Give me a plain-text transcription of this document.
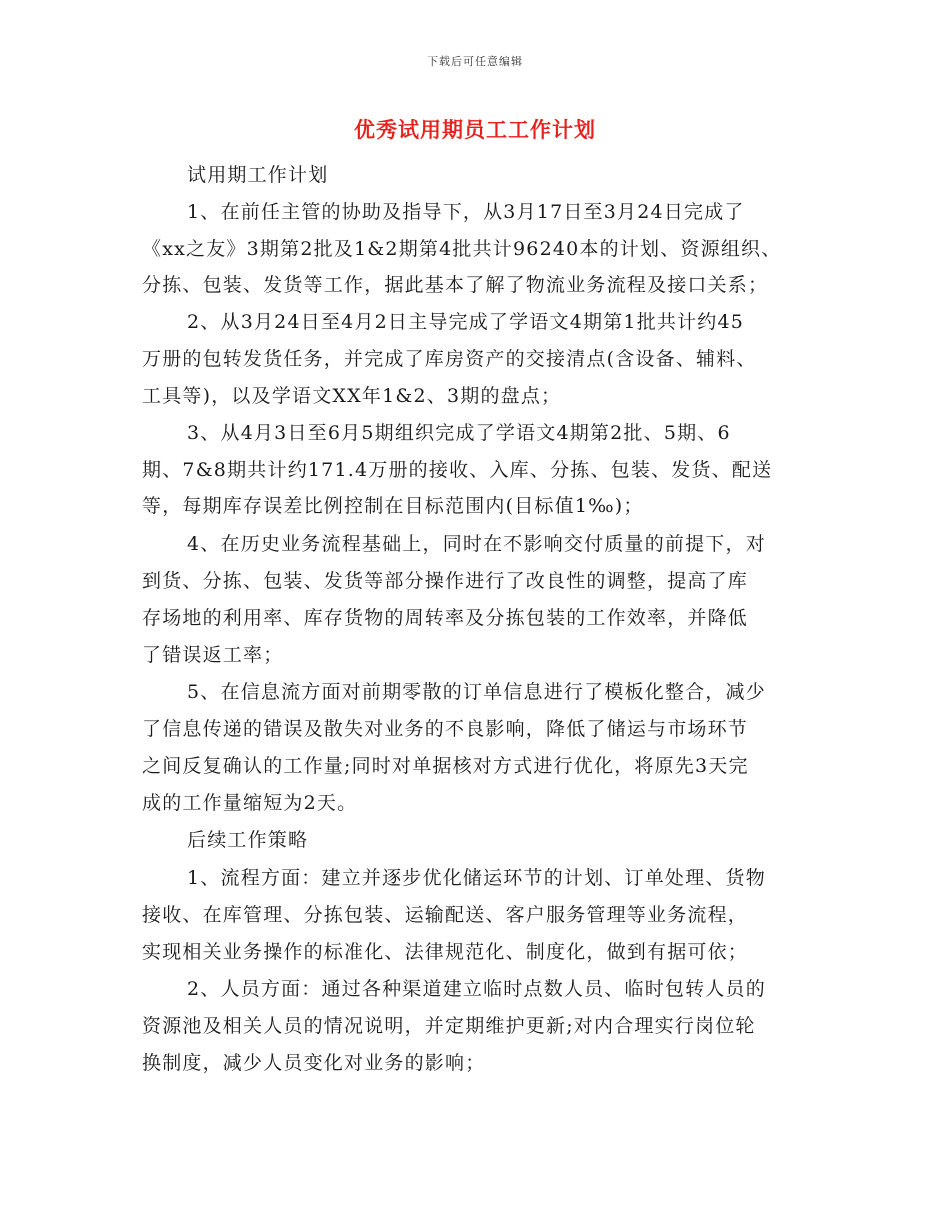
下载后可任意编辑
优秀试用期员工工作计划
试用期工作计划
1、在前任主管的协助及指导下，从3月17日至3月24日完成了
《xx之友》3期第2批及1&2期第4批共计96240本的计划、资源组织、
分拣、包装、发货等工作，据此基本了解了物流业务流程及接口关系；
2、从3月24日至4月2日主导完成了学语文4期第1批共计约45
万册的包转发货任务，并完成了库房资产的交接清点(含设备、辅料、
工具等)，以及学语文XX年1&2、3期的盘点；
3、从4月3日至6月5期组织完成了学语文4期第2批、5期、6
期、7&8期共计约171.4万册的接收、入库、分拣、包装、发货、配送
等，每期库存误差比例控制在目标范围内(目标值1‰)；
4、在历史业务流程基础上，同时在不影响交付质量的前提下，对
到货、分拣、包装、发货等部分操作进行了改良性的调整，提高了库
存场地的利用率、库存货物的周转率及分拣包装的工作效率，并降低
了错误返工率；
5、在信息流方面对前期零散的订单信息进行了模板化整合，减少
了信息传递的错误及散失对业务的不良影响，降低了储运与市场环节
之间反复确认的工作量;同时对单据核对方式进行优化，将原先3天完
成的工作量缩短为2天。
后续工作策略
1、流程方面：建立并逐步优化储运环节的计划、订单处理、货物
接收、在库管理、分拣包装、运输配送、客户服务管理等业务流程，
实现相关业务操作的标准化、法律规范化、制度化，做到有据可依；
2、人员方面：通过各种渠道建立临时点数人员、临时包转人员的
资源池及相关人员的情况说明，并定期维护更新;对内合理实行岗位轮
换制度，减少人员变化对业务的影响；
